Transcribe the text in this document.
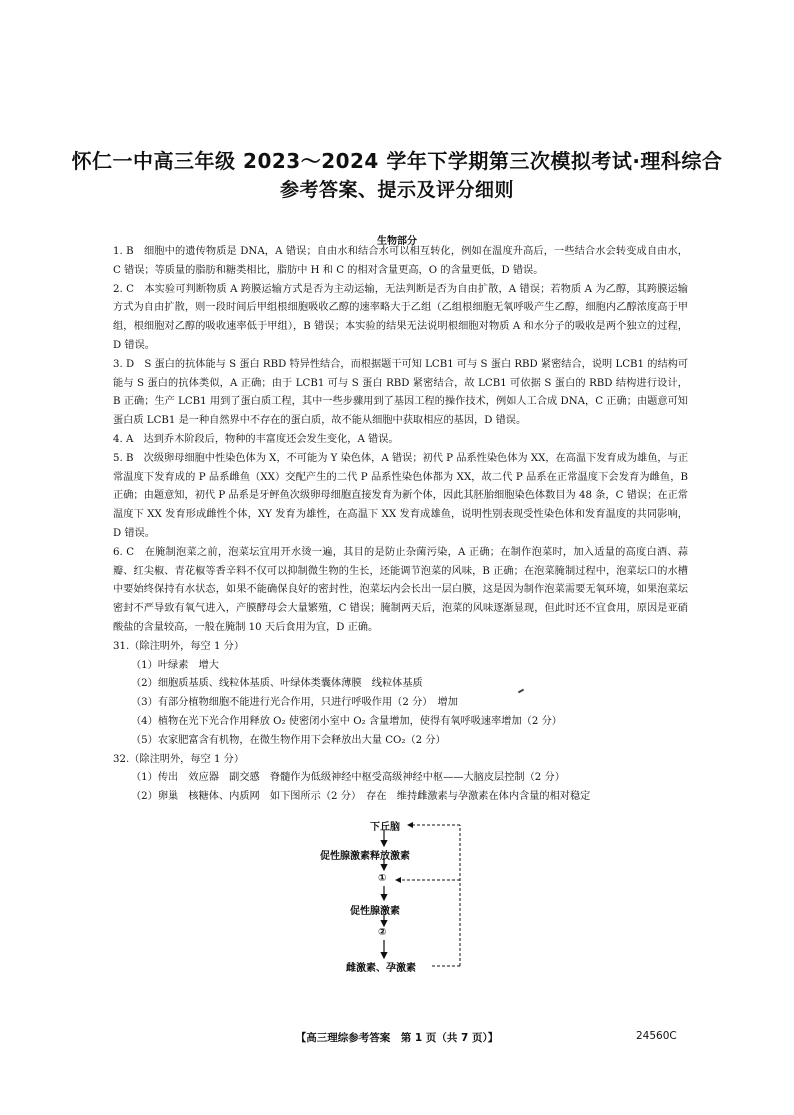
怀仁一中高三年级 2023～2024 学年下学期第三次模拟考试·理科综合
参考答案、提示及评分细则
生物部分

1. B　 细胞中的遗传物质是 DNA，A 错误；自由水和结合水可以相互转化，例如在温度升高后，一些结合水会转变成自由水，C 错误；等质量的脂肪和糖类相比，脂肪中 H 和 C 的相对含量更高，O 的含量更低，D 错误。

2. C　 本实验可判断物质 A 跨膜运输方式是否为主动运输，无法判断是否为自由扩散，A 错误；若物质 A 为乙醇，其跨膜运输方式为自由扩散，则一段时间后甲组根细胞吸收乙醇的速率略大于乙组（乙组根细胞无氧呼吸产生乙醇，细胞内乙醇浓度高于甲组，根细胞对乙醇的吸收速率低于甲组），B 错误；本实验的结果无法说明根细胞对物质 A 和水分子的吸收是两个独立的过程，D 错误。

3. D　 S 蛋白的抗体能与 S 蛋白 RBD 特异性结合，而根据题干可知 LCB1 可与 S 蛋白 RBD 紧密结合，说明 LCB1 的结构可能与 S 蛋白的抗体类似，A 正确；由于 LCB1 可与 S 蛋白 RBD 紧密结合，故 LCB1 可依据 S 蛋白的 RBD 结构进行设计，B 正确；生产 LCB1 用到了蛋白质工程，其中一些步骤用到了基因工程的操作技术，例如人工合成 DNA，C 正确；由题意可知蛋白质 LCB1 是一种自然界中不存在的蛋白质，故不能从细胞中获取相应的基因，D 错误。

4. A　 达到乔木阶段后，物种的丰富度还会发生变化，A 错误。

5. B　 次级卵母细胞中性染色体为 X，不可能为 Y 染色体，A 错误；初代 P 品系性染色体为 XX，在高温下发育成为雄鱼，与正常温度下发育成的 P 品系雌鱼（XX）交配产生的二代 P 品系性染色体都为 XX，故二代 P 品系在正常温度下会发育为雌鱼，B 正确；由题意知，初代 P 品系是牙鲆鱼次级卵母细胞直接发育为新个体，因此其胚胎细胞染色体数目为 48 条，C 错误；在正常温度下 XX 发育形成雌性个体，XY 发育为雄性，在高温下 XX 发育成雄鱼，说明性别表现受性染色体和发育温度的共同影响，D 错误。

6. C　 在腌制泡菜之前，泡菜坛宜用开水烫一遍，其目的是防止杂菌污染，A 正确；在制作泡菜时，加入适量的高度白酒、蒜瓣、红尖椒、青花椒等香辛料不仅可以抑制微生物的生长，还能调节泡菜的风味，B 正确；在泡菜腌制过程中，泡菜坛口的水槽中要始终保持有水状态，如果不能确保良好的密封性，泡菜坛内会长出一层白膜，这是因为制作泡菜需要无氧环境，如果泡菜坛密封不严导致有氧气进入，产膜酵母会大量繁殖，C 错误；腌制两天后，泡菜的风味逐渐显现，但此时还不宜食用，原因是亚硝酸盐的含量较高，一般在腌制 10 天后食用为宜，D 正确。

31.（除注明外，每空 1 分）

（1）叶绿素　增大

（2）细胞质基质、线粒体基质、叶绿体类囊体薄膜　线粒体基质

（3）有部分植物细胞不能进行光合作用，只进行呼吸作用（2 分）　增加

（4）植物在光下光合作用释放 O₂ 使密闭小室中 O₂ 含量增加，使得有氧呼吸速率增加（2 分）

（5）农家肥富含有机物，在微生物作用下会释放出大量 CO₂（2 分）

32.（除注明外，每空 1 分）

（1）传出　效应器　副交感　脊髓作为低级神经中枢受高级神经中枢——大脑皮层控制（2 分）

（2）卵巢　核糖体、内质网　如下图所示（2 分）　存在　维持雌激素与孕激素在体内含量的相对稳定

下丘脑
促性腺激素释放激素
①
促性腺激素
②
雌激素、孕激素
【高三理综参考答案　第 1 页（共 7 页）】	24560C
